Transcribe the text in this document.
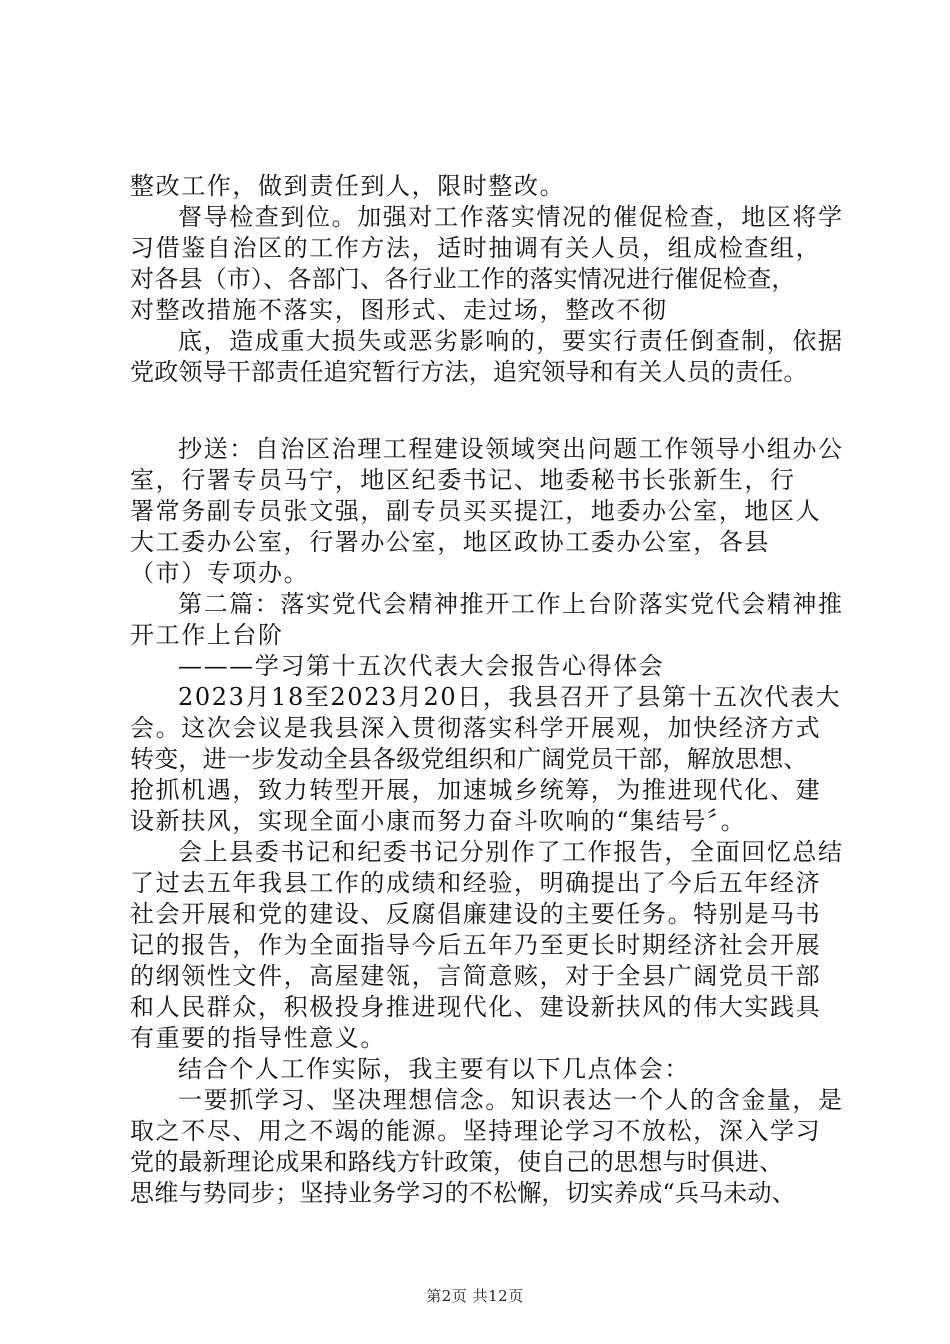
整改工作，做到责任到人，限时整改。
督导检查到位。加强对工作落实情况的催促检查，地区将学
习借鉴自治区的工作方法，适时抽调有关人员，组成检查组，
对各县（市）、各部门、各行业工作的落实情况进行催促检查，
对整改措施不落实，图形式、走过场，整改不彻
底，造成重大损失或恶劣影响的，要实行责任倒查制，依据
党政领导干部责任追究暂行方法，追究领导和有关人员的责任。
抄送：自治区治理工程建设领域突出问题工作领导小组办公
室，行署专员马宁，地区纪委书记、地委秘书长张新生，行
署常务副专员张文强，副专员买买提江，地委办公室，地区人
大工委办公室，行署办公室，地区政协工委办公室，各县
（市）专项办。
第二篇：落实党代会精神推开工作上台阶落实党代会精神推
开工作上台阶
———学习第十五次代表大会报告心得体会
2023月18至2023月20日，我县召开了县第十五次代表大
会。这次会议是我县深入贯彻落实科学开展观，加快经济方式
转变，进一步发动全县各级党组织和广阔党员干部，解放思想、
抢抓机遇，致力转型开展，加速城乡统筹，为推进现代化、建
设新扶风，实现全面小康而努力奋斗吹响的“集结号〞。
会上县委书记和纪委书记分别作了工作报告，全面回忆总结
了过去五年我县工作的成绩和经验，明确提出了今后五年经济
社会开展和党的建设、反腐倡廉建设的主要任务。特别是马书
记的报告，作为全面指导今后五年乃至更长时期经济社会开展
的纲领性文件，高屋建瓴，言简意赅，对于全县广阔党员干部
和人民群众，积极投身推进现代化、建设新扶风的伟大实践具
有重要的指导性意义。
结合个人工作实际，我主要有以下几点体会：
一要抓学习、坚决理想信念。知识表达一个人的含金量，是
取之不尽、用之不竭的能源。坚持理论学习不放松，深入学习
党的最新理论成果和路线方针政策，使自己的思想与时俱进、
思维与势同步；坚持业务学习的不松懈，切实养成“兵马未动、
第2页 共12页
